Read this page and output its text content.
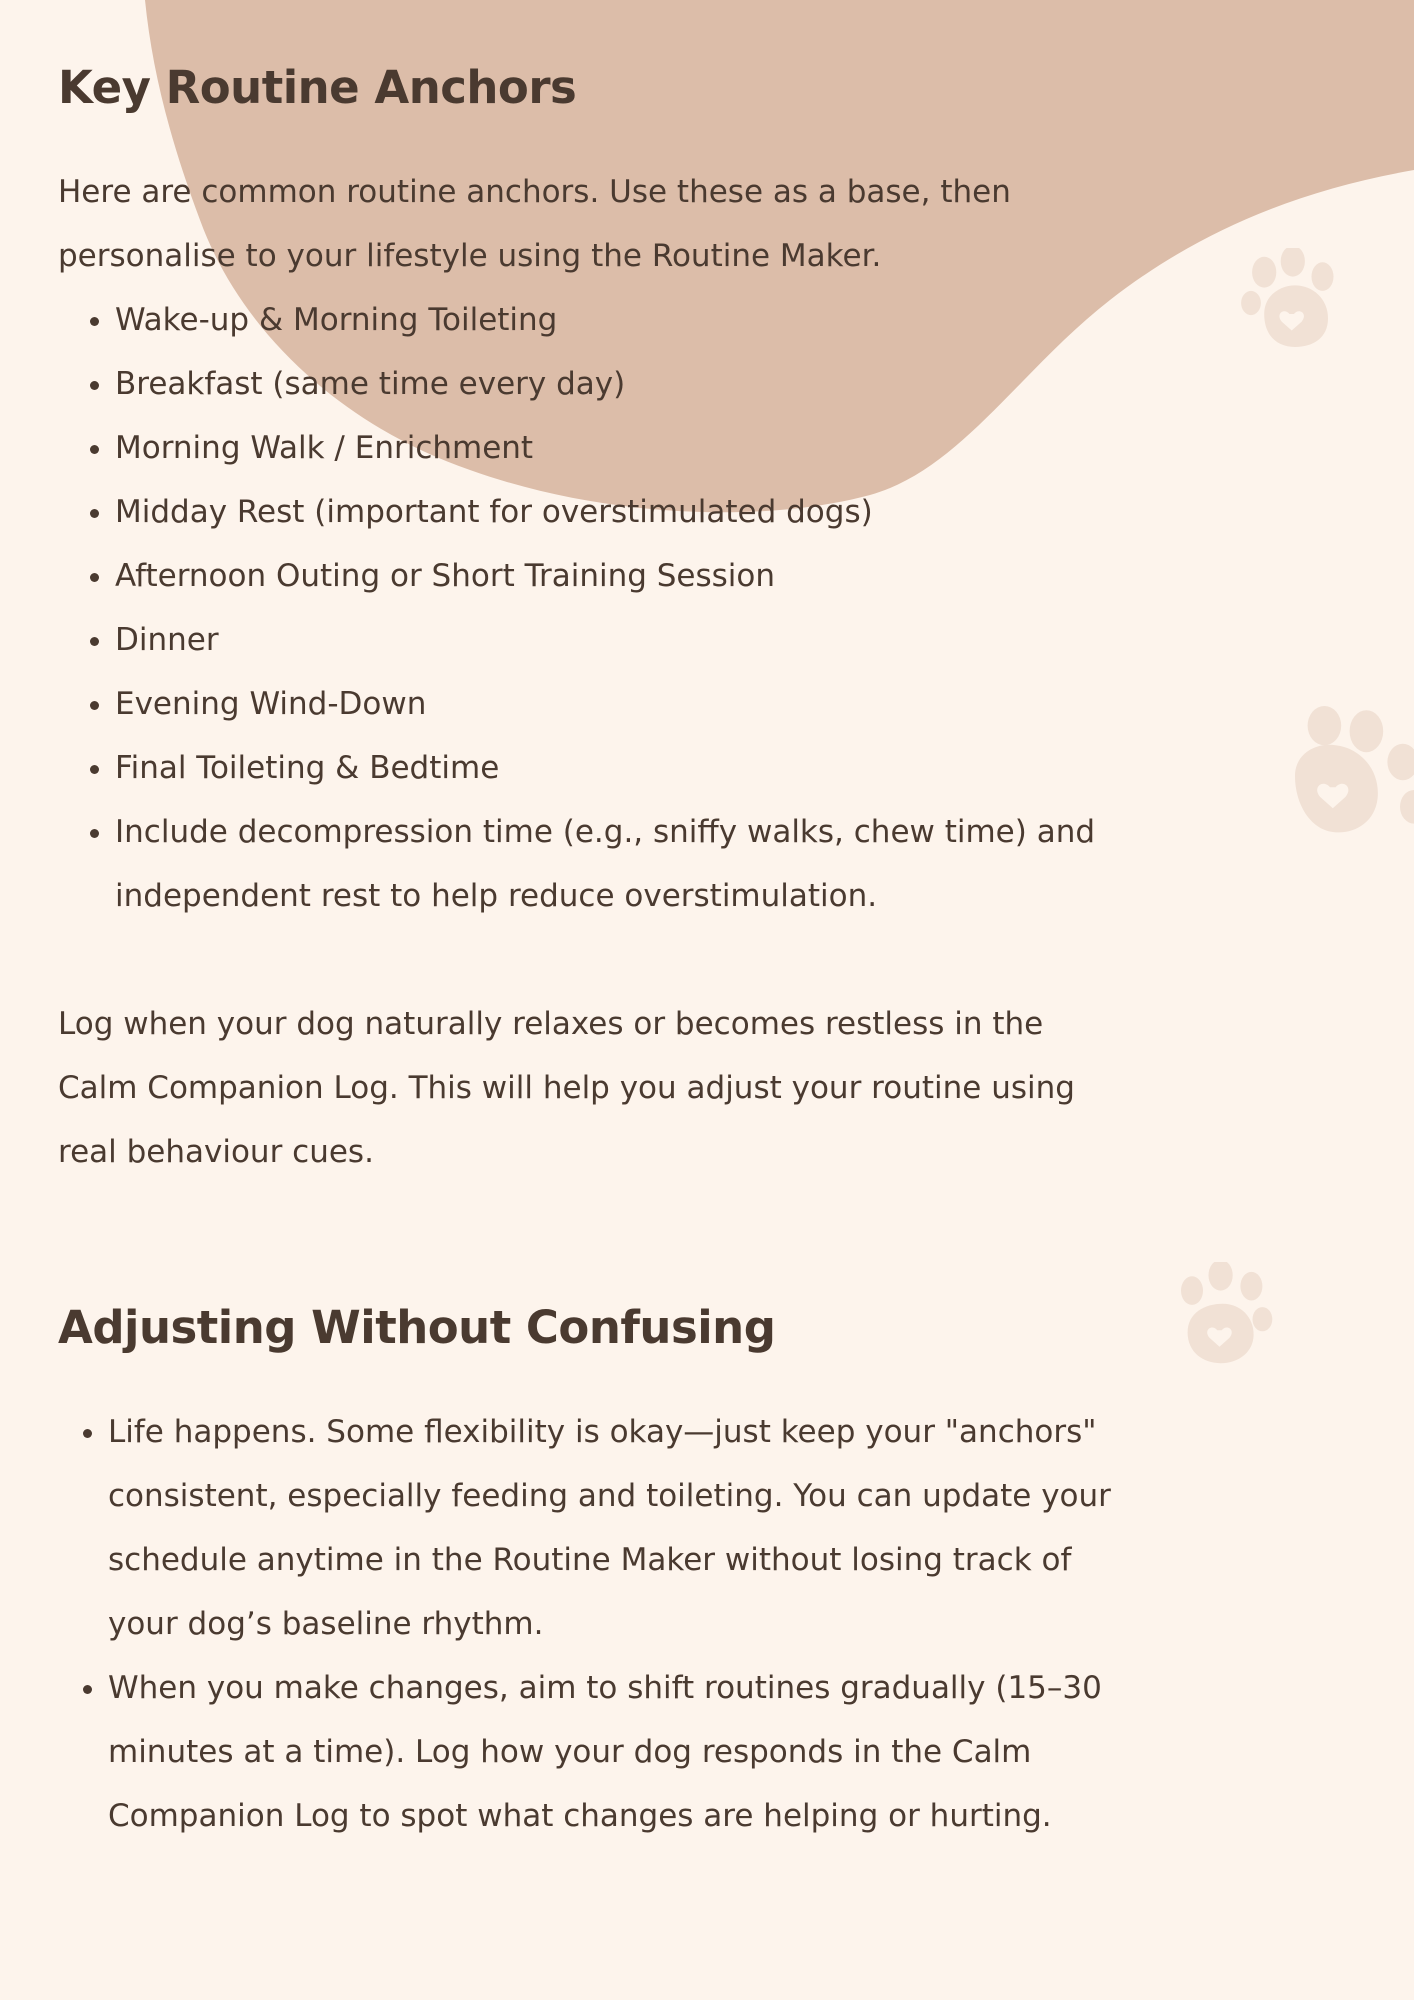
Key Routine Anchors

Here are common routine anchors. Use these as a base, then personalise to your lifestyle using the Routine Maker.

• Wake-up & Morning Toileting
• Breakfast (same time every day)
• Morning Walk / Enrichment
• Midday Rest (important for overstimulated dogs)
• Afternoon Outing or Short Training Session
• Dinner
• Evening Wind-Down
• Final Toileting & Bedtime
• Include decompression time (e.g., sniffy walks, chew time) and independent rest to help reduce overstimulation.

Log when your dog naturally relaxes or becomes restless in the Calm Companion Log. This will help you adjust your routine using real behaviour cues.

Adjusting Without Confusing
• Life happens. Some flexibility is okay—just keep your "anchors" consistent, especially feeding and toileting. You can update your schedule anytime in the Routine Maker without losing track of your dog’s baseline rhythm.
• When you make changes, aim to shift routines gradually (15–30 minutes at a time). Log how your dog responds in the Calm Companion Log to spot what changes are helping or hurting.
